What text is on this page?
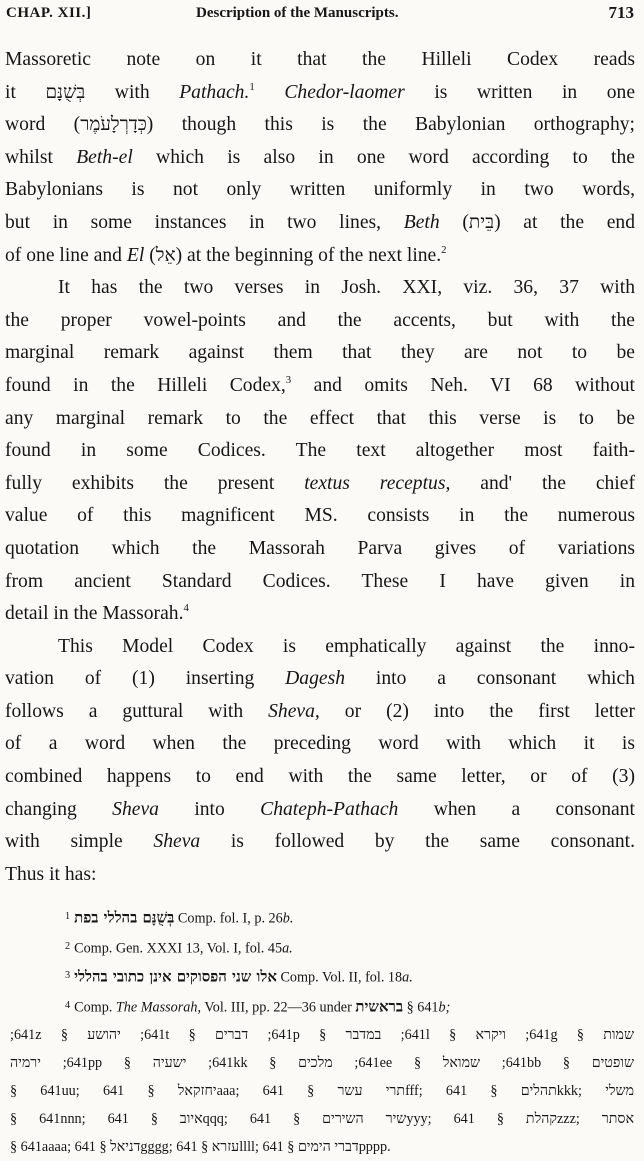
CHAP. XII.]	Description of the Manuscripts.	713

Massoretic note on it that the Hilleli Codex reads

it בְּשֻׁנָּם with Pathach.$^1$ Chedor-laomer is written in one

word (כְּדָרְלָעֹמֶר) though this is the Babylonian orthography;

whilst Beth-el which is also in one word according to the

Babylonians is not only written uniformly in two words,

but in some instances in two lines, Beth (בֵּית) at the end

of one line and El (אֵל) at the beginning of the next line.$^2$

It has the two verses in Josh. XXI, viz. 36, 37 with

the proper vowel-points and the accents, but with the

marginal remark against them that they are not to be

found in the Hilleli Codex,$^3$ and omits Neh. VI 68 without

any marginal remark to the effect that this verse is to be

found in some Codices. The text altogether most faith-

fully exhibits the present textus receptus, and' the chief

value of this magnificent MS. consists in the numerous

quotation which the Massorah Parva gives of variations

from ancient Standard Codices. These I have given in

detail in the Massorah.$^4$

This Model Codex is emphatically against the inno-

vation of (1) inserting Dagesh into a consonant which

follows a guttural with Sheva, or (2) into the first letter

of a word when the preceding word with which it is

combined happens to end with the same letter, or of (3)

changing Sheva into Chateph-Pathach when a consonant

with simple Sheva is followed by the same consonant.

Thus it has:

$^1$ בְּשֻׁנָּם בהללי בפת Comp. fol. I, p. 26b.

$^2$ Comp. Gen. XXXI 13, Vol. I, fol. 45a.

$^3$ אלו שני הפסוקים אינן כתובי בהללי Comp. Vol. II, fol. 18a.

$^4$ Comp. The Massorah, Vol. III, pp. 22—36 under בראשית § 641b;

שמות § 641g; ויקרא § 641l; במדבר § 641p; דברים § 641t; יהושע § 641z;

שופטים § 641bb; שמואל § 641ee; מלכים § 641kk; ישעיה § 641pp; ירמיה

§ 641uu; יחזקאל § 641aaa; תרי עשר § 641fff; תהלים § 641kkk; משלי

§ 641nnn; איוב § 641qqq; שיר השירים § 641yyy; קהלת § 641zzz; אסתר

§ 641aaaa; דניאל § 641gggg; עזרא § 641llll; דברי הימים § 641pppp.
